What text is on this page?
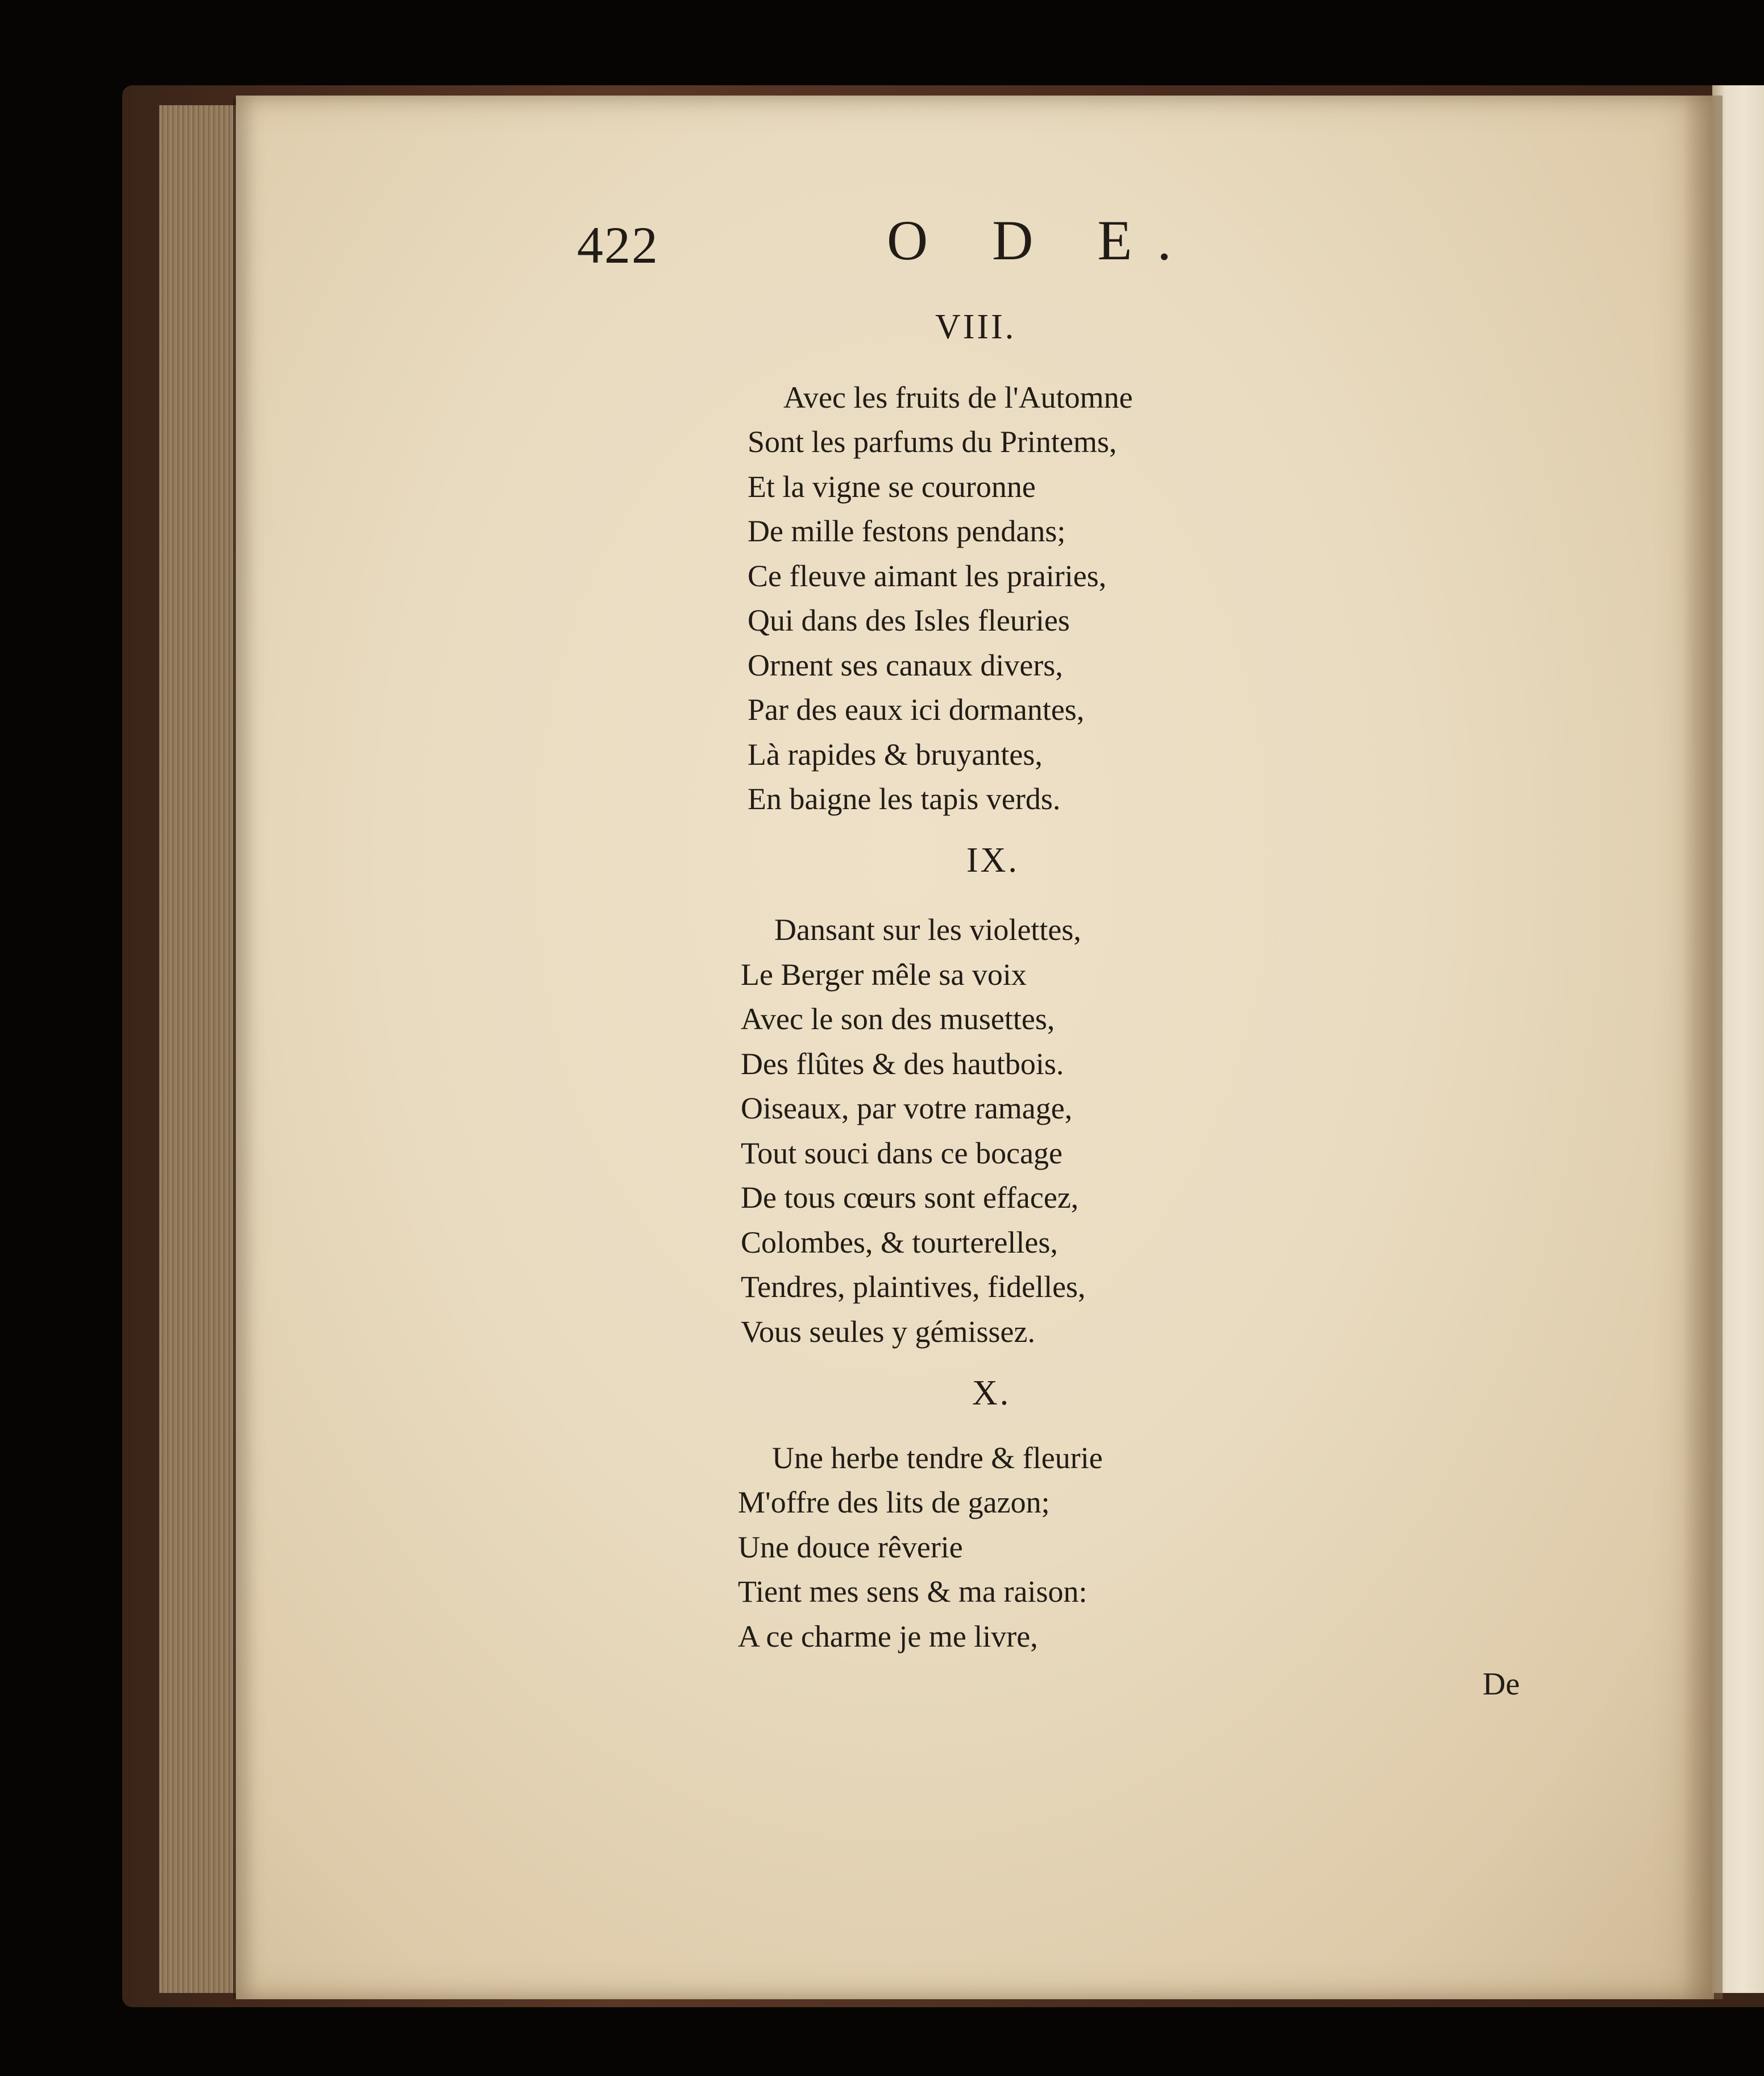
422	O D E.
VIII.
Avec les fruits de l'Automne
Sont les parfums du Printems,
Et la vigne se couronne
De mille festons pendans;
Ce fleuve aimant les prairies,
Qui dans des Isles fleuries
Ornent ses canaux divers,
Par des eaux ici dormantes,
Là rapides & bruyantes,
En baigne les tapis verds.
IX.
Dansant sur les violettes,
Le Berger mêle sa voix
Avec le son des musettes,
Des flûtes & des hautbois.
Oiseaux, par votre ramage,
Tout souci dans ce bocage
De tous cœurs sont effacez,
Colombes, & tourterelles,
Tendres, plaintives, fidelles,
Vous seules y gémissez.
X.
Une herbe tendre & fleurie
M'offre des lits de gazon;
Une douce rêverie
Tient mes sens & ma raison:
A ce charme je me livre,
De
